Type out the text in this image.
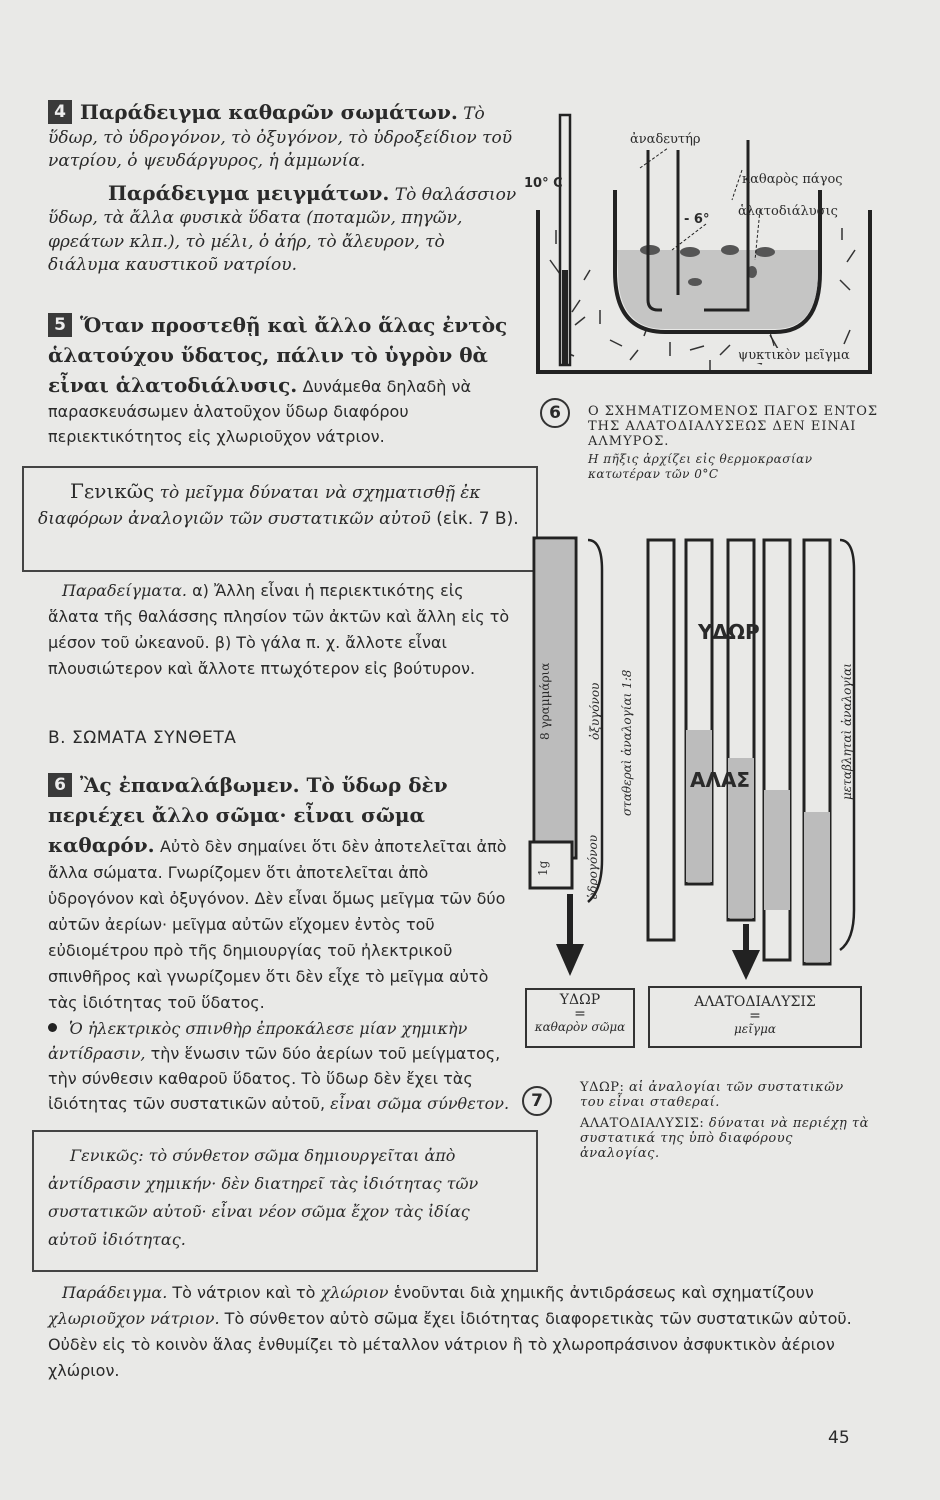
4 Παράδειγμα καθαρῶν σωμάτων. Τὸ ὕδωρ, τὸ ὑδρογόνον, τὸ ὀξυγόνον, τὸ ὑδροξείδιον τοῦ νατρίου, ὁ ψευδάργυρος, ἡ ἀμμωνία.
Παράδειγμα μειγμάτων. Τὸ θαλάσσιον ὕδωρ, τὰ ἄλλα φυσικὰ ὕδατα (ποταμῶν, πηγῶν, φρεάτων κλπ.), τὸ μέλι, ὁ ἀήρ, τὸ ἄλευρον, τὸ διάλυμα καυστικοῦ νατρίου.
5 Ὅταν προστεθῇ καὶ ἄλλο ἅλας ἐντὸς ἁλατούχου ὕδατος, πάλιν τὸ ὑγρὸν θὰ εἶναι ἁλατοδιάλυσις. Δυνάμεθα δηλαδὴ νὰ παρασκευάσωμεν ἁλατοῦχον ὕδωρ διαφόρου περιεκτικότητος εἰς χλωριοῦχον νάτριον.
Γενικῶς τὸ μεῖγμα δύναται νὰ σχηματισθῇ ἐκ διαφόρων ἀναλογιῶν τῶν συστατικῶν αὐτοῦ (εἰκ. 7 Β).
Παραδείγματα. α) Ἄλλη εἶναι ἡ περιεκτικότης εἰς ἅλατα τῆς θαλάσσης πλησίον τῶν ἀκτῶν καὶ ἄλλη εἰς τὸ μέσον τοῦ ὠκεανοῦ. β) Τὸ γάλα π. χ. ἄλλοτε εἶναι πλουσιώτερον καὶ ἄλλοτε πτωχότερον εἰς βούτυρον.
Β. ΣΩΜΑΤΑ ΣΥΝΘΕΤΑ
6 Ἂς ἐπαναλάβωμεν. Τὸ ὕδωρ δὲν περιέχει ἄλλο σῶμα· εἶναι σῶμα καθαρόν. Αὐτὸ δὲν σημαίνει ὅτι δὲν ἀποτελεῖται ἀπὸ ἄλλα σώματα. Γνωρίζομεν ὅτι ἀποτελεῖται ἀπὸ ὑδρογόνον καὶ ὀξυγόνον. Δὲν εἶναι ὅμως μεῖγμα τῶν δύο αὐτῶν ἀερίων· μεῖγμα αὐτῶν εἴχομεν ἐντὸς τοῦ εὐδιομέτρου πρὸ τῆς δημιουργίας τοῦ ἠλεκτρικοῦ σπινθῆρος καὶ γνωρίζομεν ὅτι δὲν εἶχε τὸ μεῖγμα αὐτὸ τὰς ἰδιότητας τοῦ ὕδατος.
Ὁ ἠλεκτρικὸς σπινθὴρ ἐπροκάλεσε μίαν χημικὴν ἀντίδρασιν, τὴν ἕνωσιν τῶν δύο ἀερίων τοῦ μείγματος, τὴν σύνθεσιν καθαροῦ ὕδατος. Τὸ ὕδωρ δὲν ἔχει τὰς ἰδιότητας τῶν συστατικῶν αὐτοῦ, εἶναι σῶμα σύνθετον.
Γενικῶς: τὸ σύνθετον σῶμα δημιουργεῖται ἀπὸ ἀντίδρασιν χημικήν· δὲν διατηρεῖ τὰς ἰδιότητας τῶν συστατικῶν αὐτοῦ· εἶναι νέον σῶμα ἔχον τὰς ἰδίας αὐτοῦ ἰδιότητας.
Παράδειγμα. Τὸ νάτριον καὶ τὸ χλώριον ἑνοῦνται διὰ χημικῆς ἀντιδράσεως καὶ σχηματίζουν χλωριοῦχον νάτριον. Τὸ σύνθετον αὐτὸ σῶμα ἔχει ἰδιότητας διαφορετικὰς τῶν συστατικῶν αὐτοῦ. Οὐδὲν εἰς τὸ κοινὸν ἅλας ἐνθυμίζει τὸ μέταλλον νάτριον ἢ τὸ χλωροπράσινον ἀσφυκτικὸν ἀέριον χλώριον.
45
ἀναδευτήρ
10° C	καθαρὸς πάγος
- 6°
ἁλατοδιάλυσις
ψυκτικὸν μεῖγμα
6	Ο ΣΧΗΜΑΤΙΖΟΜΕΝΟΣ ΠΑΓΟΣ ΕΝΤΟΣ ΤΗΣ ΑΛΑΤΟΔΙΑΛΥΣΕΩΣ ΔΕΝ ΕΙΝΑΙ ΑΛΜΥΡΟΣ.
Η πῆξις ἀρχίζει εἰς θερμοκρασίαν κατωτέραν τῶν 0°C
8 γραμμάρια	ὀξυγόνου
1g	ὑδρογόνου
σταθεραὶ ἀναλογίαι 1:8
ΥΔΩΡ
ΑΛΑΣ	μεταβληταὶ ἀναλογίαι
ΥΔΩΡ
=
καθαρὸν σῶμα
ΑΛΑΤΟΔΙΑΛΥΣΙΣ
=
μεῖγμα
7
ΥΔΩΡ: αἱ ἀναλογίαι τῶν συστατικῶν του εἶναι σταθεραί.
ΑΛΑΤΟΔΙΑΛΥΣΙΣ: δύναται νὰ περιέχῃ τὰ συστατικά της ὑπὸ διαφόρους ἀναλογίας.
